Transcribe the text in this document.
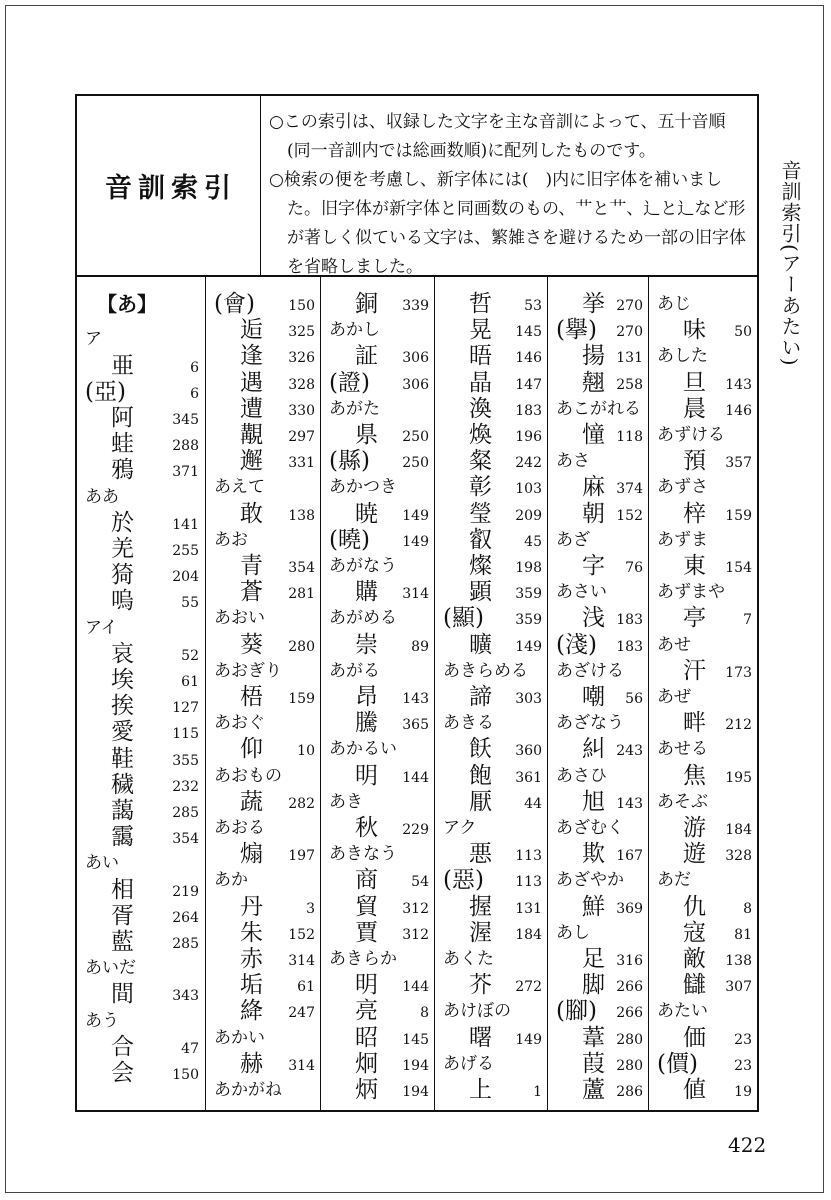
音訓索引
○この索引は、収録した文字を主な音訓によって、五十音順(同一音訓内では総画数順)に配列したものです。
○検索の便を考慮し、新字体には(　)内に旧字体を補いました。旧字体が新字体と同画数のもの、艹と艹、辶と辶など形が著しく似ている文字は、繁雑さを避けるため一部の旧字体を省略しました。
【あ】
ア
亜	6
(亞)	6
阿	345
蛙	288
鴉	371
ああ
於	141
羌	255
猗	204
嗚	55
アイ
哀	52
埃	61
挨	127
愛	115
鞋	355
穢	232
藹	285
靄	354
あい
相	219
胥	264
藍	285
あいだ
間	343
あう
合	47
会	150
(會) 150
逅 325
逢 326
遇 328
遭 330
覯 297
邂 331
あえて
敢 138
あお
青 354
蒼 281
あおい
葵 280
あおぎり
梧 159
あおぐ
仰 10
あおもの
蔬 282
あおる
煽 197
あか
丹	3
朱 152
赤 314
垢 61
絳 247
あかい
赫 314
あかがね
銅 339
あかし
証 306
(證) 306
あがた
県 250
(縣) 250
あかつき
暁 149
(曉) 149
あがなう
購 314
あがめる
崇 89
あがる
昂 143
騰 365
あかるい
明 144
あき
秋 229
あきなう
商 54
貿 312
賈 312
あきらか
明 144
亮	8
昭 145
炯 194
炳 194
哲 53
晃 145
晤 146
晶 147
渙 183
煥 196
粲 242
彰 103
瑩 209
叡 45
燦 198
顕 359
(顯) 359
曠 149
あきらめる
諦 303
あきる
飫 360
飽 361
厭 44
アク
悪 113
(惡) 113
握 131
渥 184
あくた
芥 272
あけぼの
曙 149
あげる
上	1
挙 270
(擧) 270
揚 131
翹 258
あこがれる
憧 118
あさ
麻 374
朝 152
あざ
字 76
あさい
浅 183
(淺) 183
あざける
嘲 56
あざなう
糾 243
あさひ
旭 143
あざむく
欺 167
あざやか
鮮 369
あし
足 316
脚 266
(腳) 266
葦 280
葭 280
蘆 286
あじ
味 50
あした
旦 143
晨 146
あずける
預 357
あずさ
梓 159
あずま
東 154
あずまや
亭	7
あせ
汗 173
あぜ
畔 212
あせる
焦 195
あそぶ
游 184
遊 328
あだ
仇	8
寇 81
敵 138
讎 307
あたい
価 23
(價)	23
値 19
音訓索引(アーあたい)
422
